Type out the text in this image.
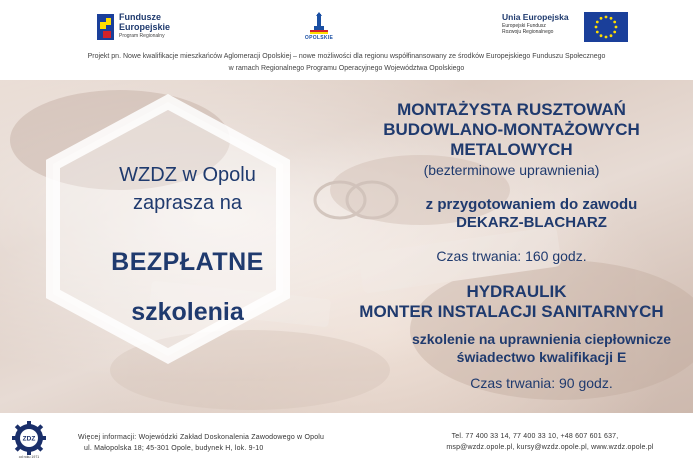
Fundusze
Europejskie
Program Regionalny	OPOLSKIE
Unia Europejska
Europejski Fundusz
Rozwoju Regionalnego
Projekt pn. Nowe kwalifikacje mieszkańców Aglomeracji Opolskiej – nowe możliwości dla regionu współfinansowany ze środków Europejskiego Funduszu Społecznego
w ramach Regionalnego Programu Operacyjnego Województwa Opolskiego
WZDZ w Opolu
zaprasza na
BEZPŁATNE
szkolenia
MONTAŻYSTA RUSZTOWAŃ
BUDOWLANO-MONTAŻOWYCH
METALOWYCH
(bezterminowe uprawnienia)
z przygotowaniem do zawodu
DEKARZ-BLACHARZ
Czas trwania: 160 godz.
HYDRAULIK
MONTER INSTALACJI SANITARNYCH
szkolenie na uprawnienia ciepłownicze
świadectwo kwalifikacji E
Czas trwania: 90 godz.
ZDZ
od roku 1971
Więcej informacji: Wojewódzki Zakład Doskonalenia Zawodowego w Opolu
ul. Małopolska 18; 45-301 Opole, budynek H, lok. 9-10
Tel. 77 400 33 14, 77 400 33 10, +48 607 601 637,
msp@wzdz.opole.pl, kursy@wzdz.opole.pl, www.wzdz.opole.pl
